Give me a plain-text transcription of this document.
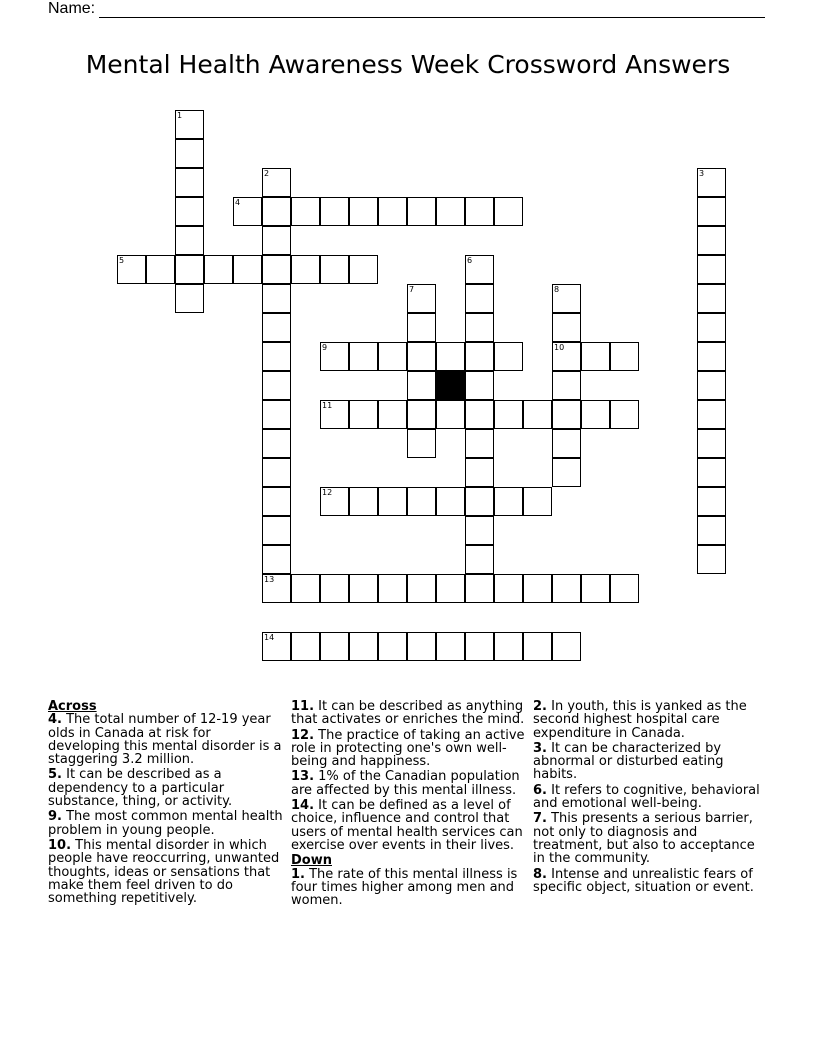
Name:
Mental Health Awareness Week Crossword Answers
1
2	3
4
5	6
7	8
10
9
11
12
13
14
Across
4. The total number of 12-19 year olds in Canada at risk for developing this mental disorder is a staggering 3.2 million.
5. It can be described as a dependency to a particular substance, thing, or activity.
9. The most common mental health problem in young people.
10. This mental disorder in which people have reoccurring, unwanted thoughts, ideas or sensations that make them feel driven to do something repetitively.
11. It can be described as anything that activates or enriches the mind.
12. The practice of taking an active role in protecting one's own well-being and happiness.
13. 1% of the Canadian population are affected by this mental illness.
14. It can be defined as a level of choice, influence and control that users of mental health services can exercise over events in their lives.
Down
1. The rate of this mental illness is four times higher among men and women.
2. In youth, this is yanked as the second highest hospital care expenditure in Canada.
3. It can be characterized by abnormal or disturbed eating habits.
6. It refers to cognitive, behavioral and emotional well-being.
7. This presents a serious barrier, not only to diagnosis and treatment, but also to acceptance in the community.
8. Intense and unrealistic fears of specific object, situation or event.
